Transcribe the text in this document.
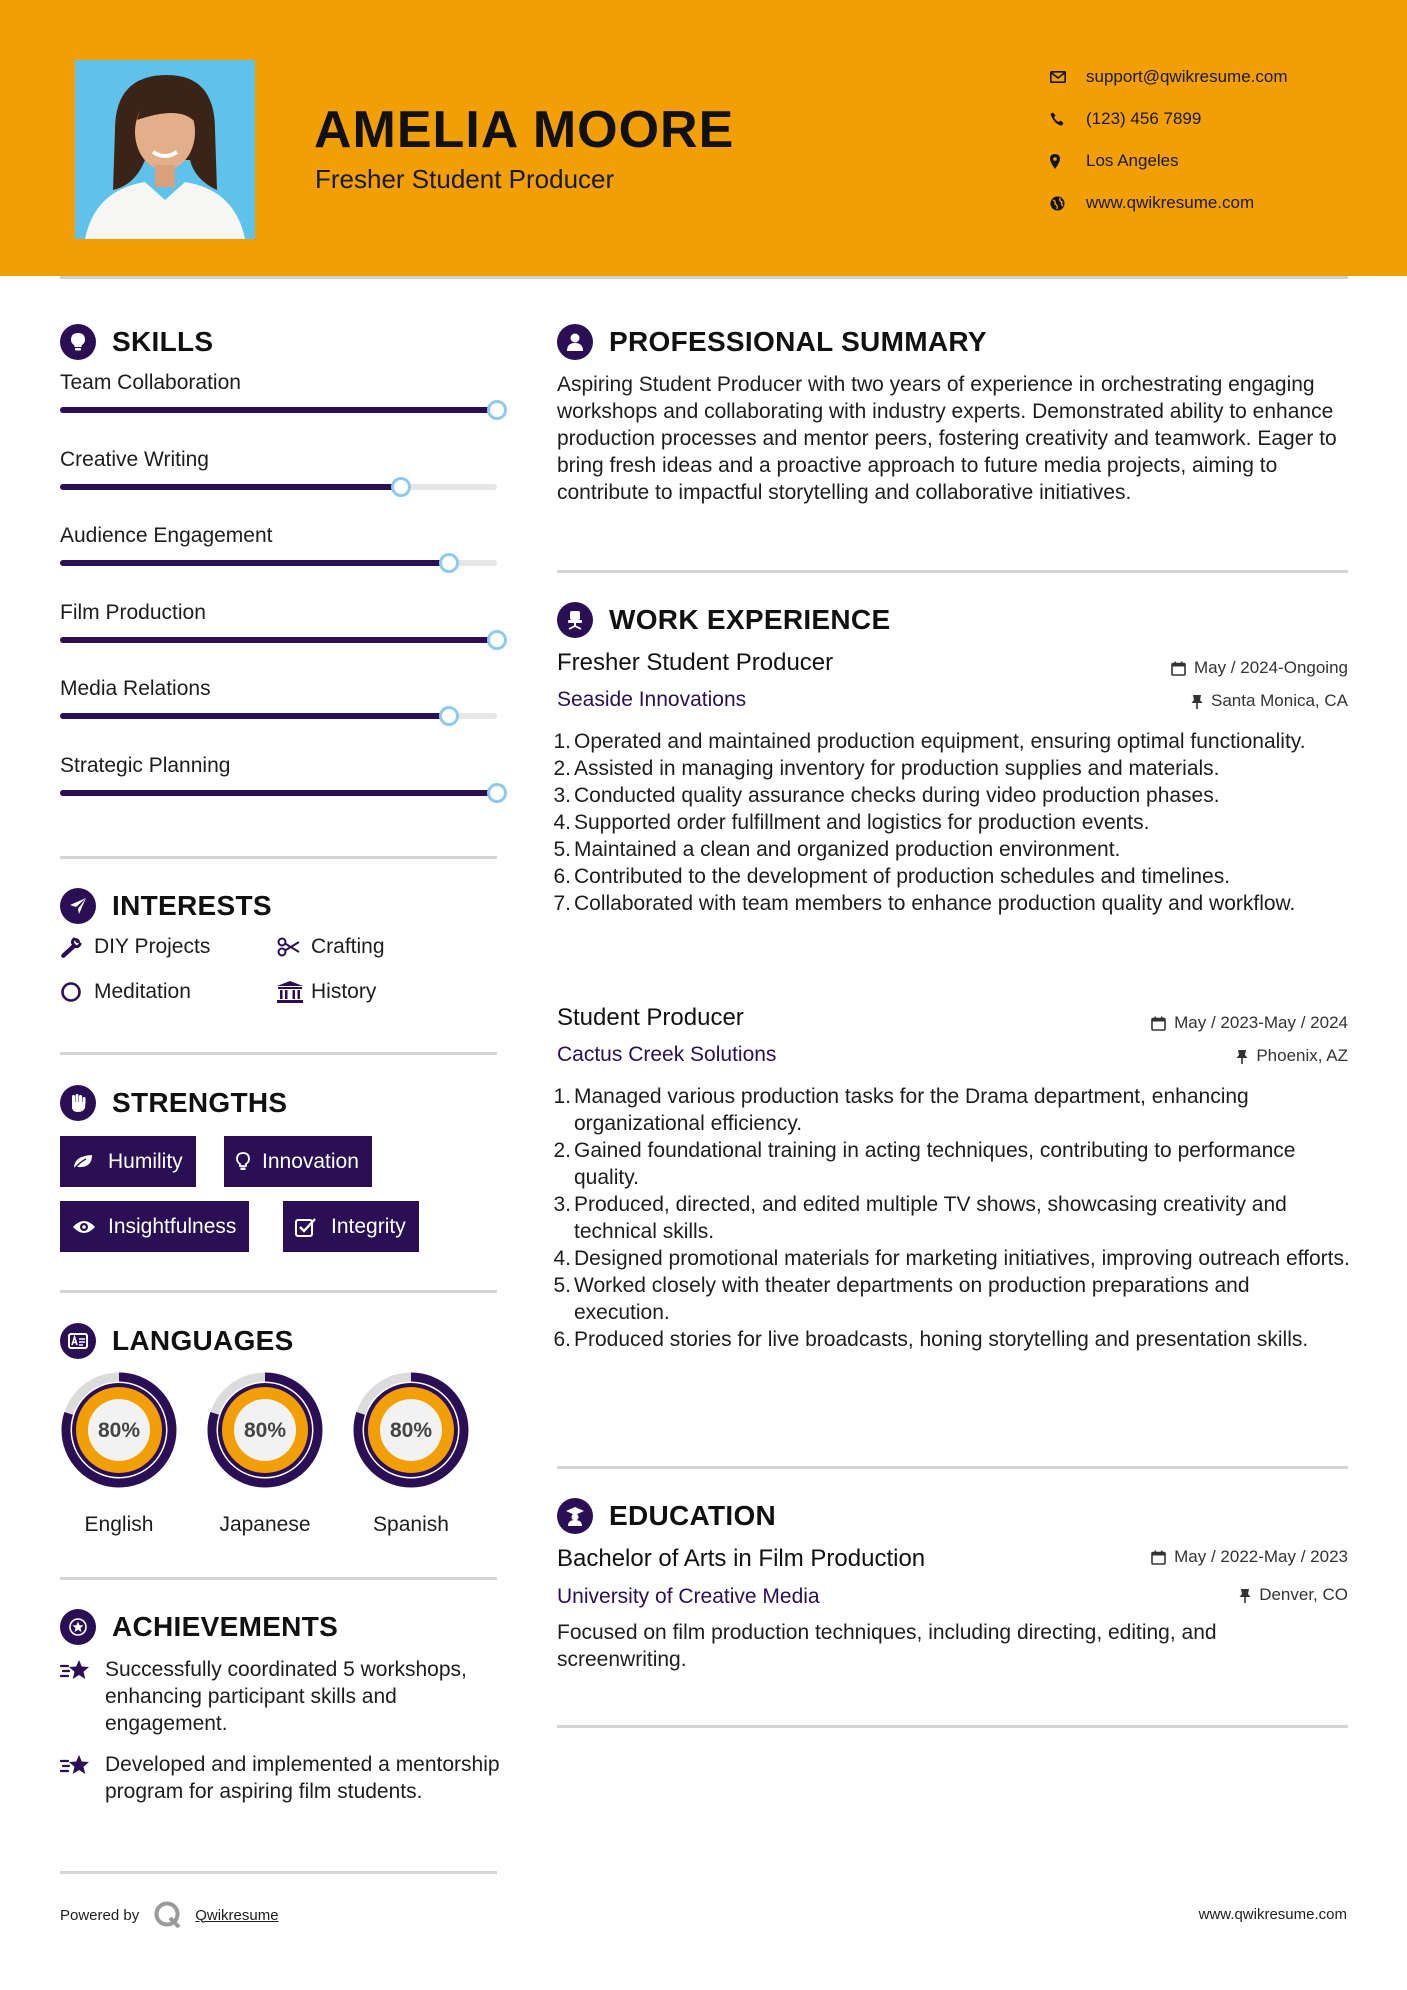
AMELIA MOORE
Fresher Student Producer
support@qwikresume.com
(123) 456 7899
Los Angeles
www.qwikresume.com
SKILLS
Team Collaboration
Creative Writing
Audience Engagement
Film Production
Media Relations
Strategic Planning
INTERESTS
DIY Projects	Crafting
Meditation	History
STRENGTHS
Humility	Innovation
Insightfulness	Integrity
LANGUAGES
80%
English
80%
Japanese
80%
Spanish
ACHIEVEMENTS
Successfully coordinated 5 workshops, enhancing participant skills and engagement.
Developed and implemented a mentorship program for aspiring film students.
PROFESSIONAL SUMMARY
Aspiring Student Producer with two years of experience in orchestrating engaging workshops and collaborating with industry experts. Demonstrated ability to enhance production processes and mentor peers, fostering creativity and teamwork. Eager to bring fresh ideas and a proactive approach to future media projects, aiming to contribute to impactful storytelling and collaborative initiatives.
WORK EXPERIENCE
Fresher Student Producer	May / 2024-Ongoing
Seaside Innovations	Santa Monica, CA
1. Operated and maintained production equipment, ensuring optimal functionality.
2. Assisted in managing inventory for production supplies and materials.
3. Conducted quality assurance checks during video production phases.
4. Supported order fulfillment and logistics for production events.
5. Maintained a clean and organized production environment.
6. Contributed to the development of production schedules and timelines.
7. Collaborated with team members to enhance production quality and workflow.
Student Producer	May / 2023-May / 2024
Cactus Creek Solutions	Phoenix, AZ
1. Managed various production tasks for the Drama department, enhancing organizational efficiency.
2. Gained foundational training in acting techniques, contributing to performance quality.
3. Produced, directed, and edited multiple TV shows, showcasing creativity and technical skills.
4. Designed promotional materials for marketing initiatives, improving outreach efforts.
5. Worked closely with theater departments on production preparations and execution.
6. Produced stories for live broadcasts, honing storytelling and presentation skills.
EDUCATION
Bachelor of Arts in Film Production	May / 2022-May / 2023
University of Creative Media	Denver, CO
Focused on film production techniques, including directing, editing, and screenwriting.
Powered by	Qwikresume	www.qwikresume.com
